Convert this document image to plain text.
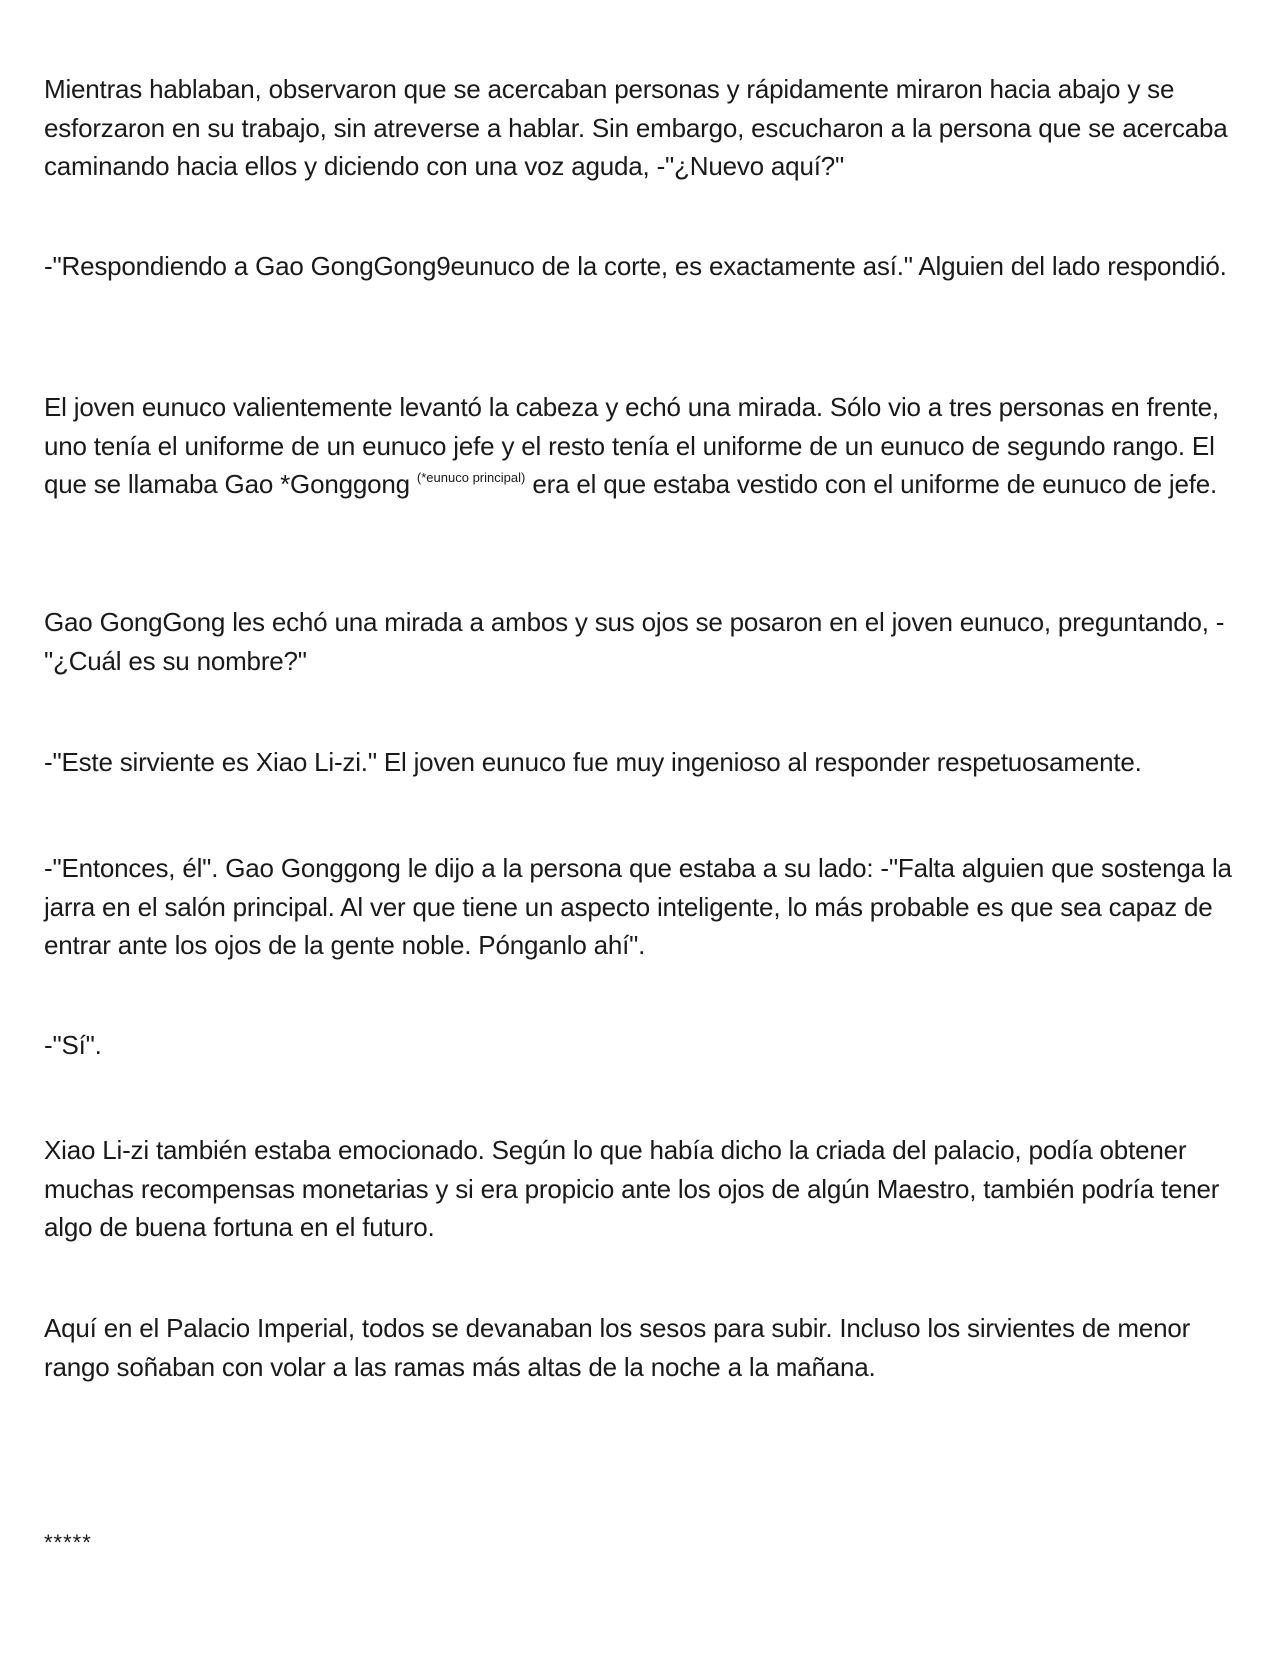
Mientras hablaban, observaron que se acercaban personas y rápidamente miraron hacia abajo y se esforzaron en su trabajo, sin atreverse a hablar. Sin embargo, escucharon a la persona que se acercaba caminando hacia ellos y diciendo con una voz aguda, -"¿Nuevo aquí?"

-"Respondiendo a Gao GongGong9eunuco de la corte, es exactamente así." Alguien del lado respondió.

El joven eunuco valientemente levantó la cabeza y echó una mirada. Sólo vio a tres personas en frente, uno tenía el uniforme de un eunuco jefe y el resto tenía el uniforme de un eunuco de segundo rango. El que se llamaba Gao *Gonggong $^{(*eunuco principal)}$ era el que estaba vestido con el uniforme de eunuco de jefe.

Gao GongGong les echó una mirada a ambos y sus ojos se posaron en el joven eunuco, preguntando, -"¿Cuál es su nombre?"

-"Este sirviente es Xiao Li-zi." El joven eunuco fue muy ingenioso al responder respetuosamente.

-"Entonces, él". Gao Gonggong le dijo a la persona que estaba a su lado: -"Falta alguien que sostenga la jarra en el salón principal. Al ver que tiene un aspecto inteligente, lo más probable es que sea capaz de entrar ante los ojos de la gente noble. Pónganlo ahí".

-"Sí".

Xiao Li-zi también estaba emocionado. Según lo que había dicho la criada del palacio, podía obtener muchas recompensas monetarias y si era propicio ante los ojos de algún Maestro, también podría tener algo de buena fortuna en el futuro.

Aquí en el Palacio Imperial, todos se devanaban los sesos para subir. Incluso los sirvientes de menor rango soñaban con volar a las ramas más altas de la noche a la mañana.

*****
